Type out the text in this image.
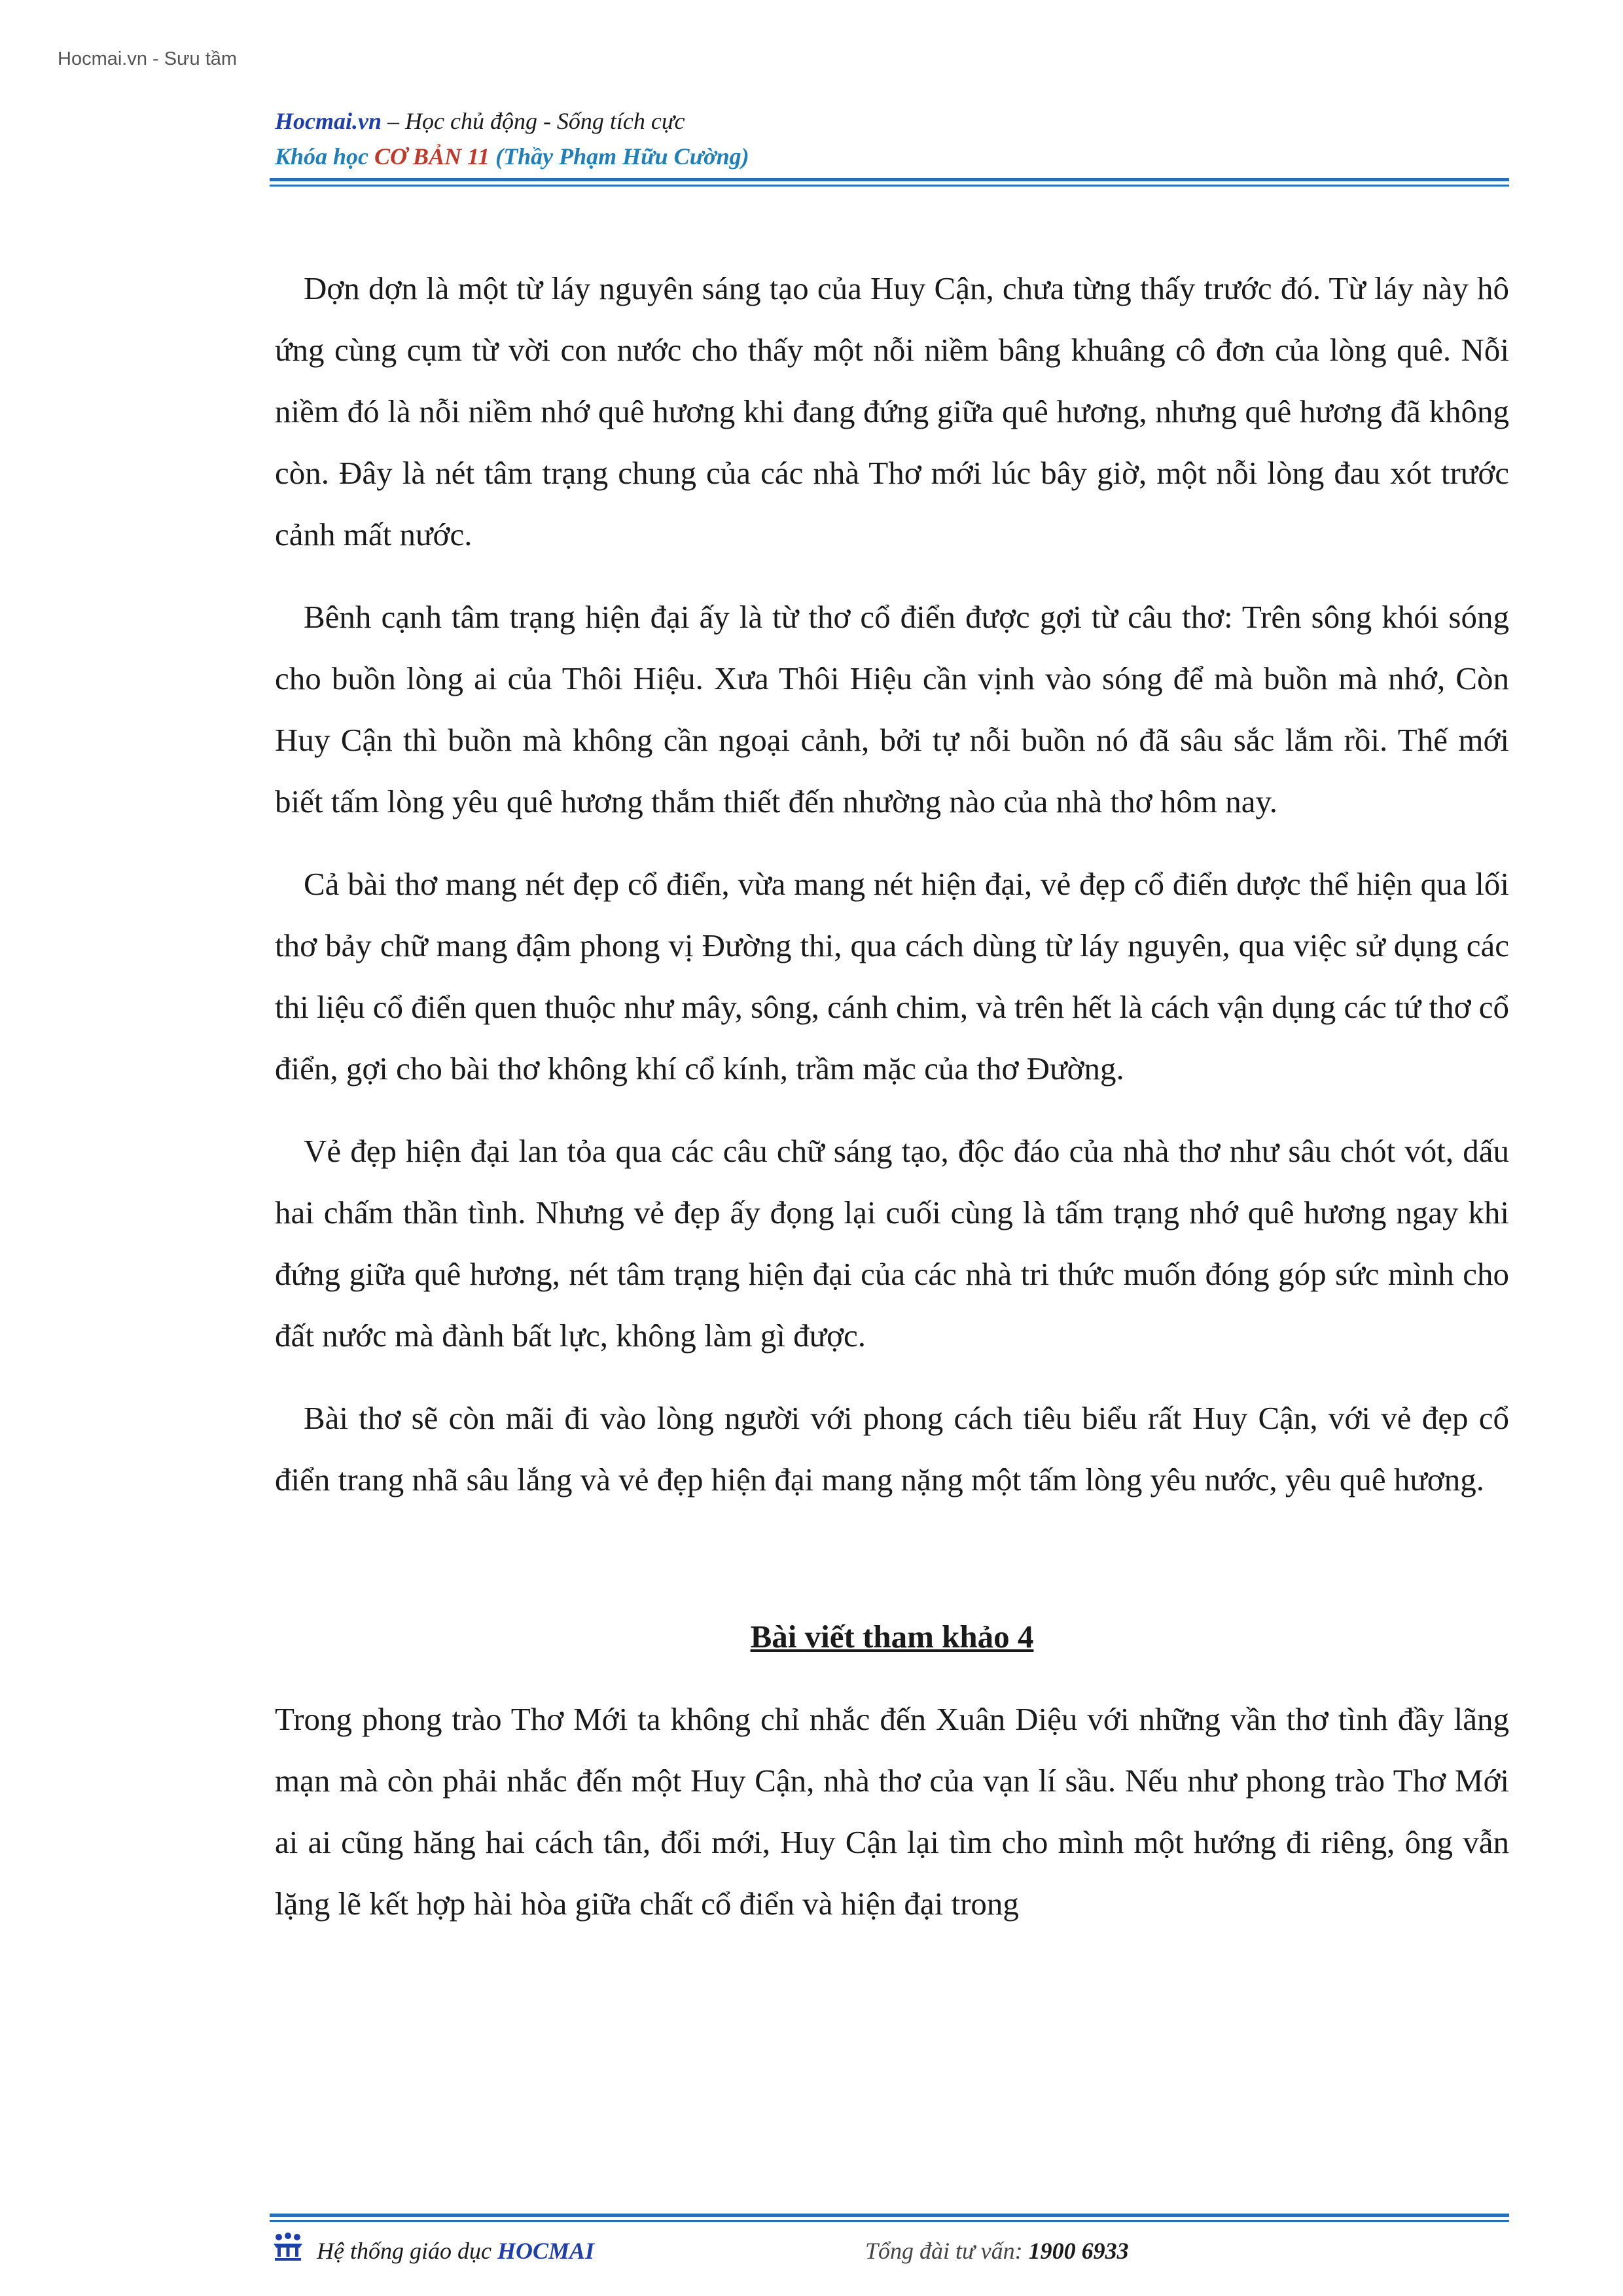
Hocmai.vn - Sưu tầm
Hocmai.vn – Học chủ động - Sống tích cực
Khóa học CƠ BẢN 11 (Thầy Phạm Hữu Cường)

Dợn dợn là một từ láy nguyên sáng tạo của Huy Cận, chưa từng thấy trước đó. Từ láy này hô ứng cùng cụm từ vời con nước cho thấy một nỗi niềm bâng khuâng cô đơn của lòng quê. Nỗi niềm đó là nỗi niềm nhớ quê hương khi đang đứng giữa quê hương, nhưng quê hương đã không còn. Đây là nét tâm trạng chung của các nhà Thơ mới lúc bây giờ, một nỗi lòng đau xót trước cảnh mất nước.

Bênh cạnh tâm trạng hiện đại ấy là từ thơ cổ điển được gợi từ câu thơ: Trên sông khói sóng cho buồn lòng ai của Thôi Hiệu. Xưa Thôi Hiệu cần vịnh vào sóng để mà buồn mà nhớ, Còn Huy Cận thì buồn mà không cần ngoại cảnh, bởi tự nỗi buồn nó đã sâu sắc lắm rồi. Thế mới biết tấm lòng yêu quê hương thắm thiết đến nhường nào của nhà thơ hôm nay.

Cả bài thơ mang nét đẹp cổ điển, vừa mang nét hiện đại, vẻ đẹp cổ điển dược thể hiện qua lối thơ bảy chữ mang đậm phong vị Đường thi, qua cách dùng từ láy nguyên, qua việc sử dụng các thi liệu cổ điển quen thuộc như mây, sông, cánh chim, và trên hết là cách vận dụng các tứ thơ cổ điển, gợi cho bài thơ không khí cổ kính, trầm mặc của thơ Đường.

Vẻ đẹp hiện đại lan tỏa qua các câu chữ sáng tạo, độc đáo của nhà thơ như sâu chót vót, dấu hai chấm thần tình. Nhưng vẻ đẹp ấy đọng lại cuối cùng là tấm trạng nhớ quê hương ngay khi đứng giữa quê hương, nét tâm trạng hiện đại của các nhà tri thức muốn đóng góp sức mình cho đất nước mà đành bất lực, không làm gì được.

Bài thơ sẽ còn mãi đi vào lòng người với phong cách tiêu biểu rất Huy Cận, với vẻ đẹp cổ điển trang nhã sâu lắng và vẻ đẹp hiện đại mang nặng một tấm lòng yêu nước, yêu quê hương.

Bài viết tham khảo 4

Trong phong trào Thơ Mới ta không chỉ nhắc đến Xuân Diệu với những vần thơ tình đầy lãng mạn mà còn phải nhắc đến một Huy Cận, nhà thơ của vạn lí sầu. Nếu như phong trào Thơ Mới ai ai cũng hăng hai cách tân, đổi mới, Huy Cận lại tìm cho mình một hướng đi riêng, ông vẫn lặng lẽ kết hợp hài hòa giữa chất cổ điển và hiện đại trong

Hệ thống giáo dục HOCMAI	Tổng đài tư vấn: 1900 6933
